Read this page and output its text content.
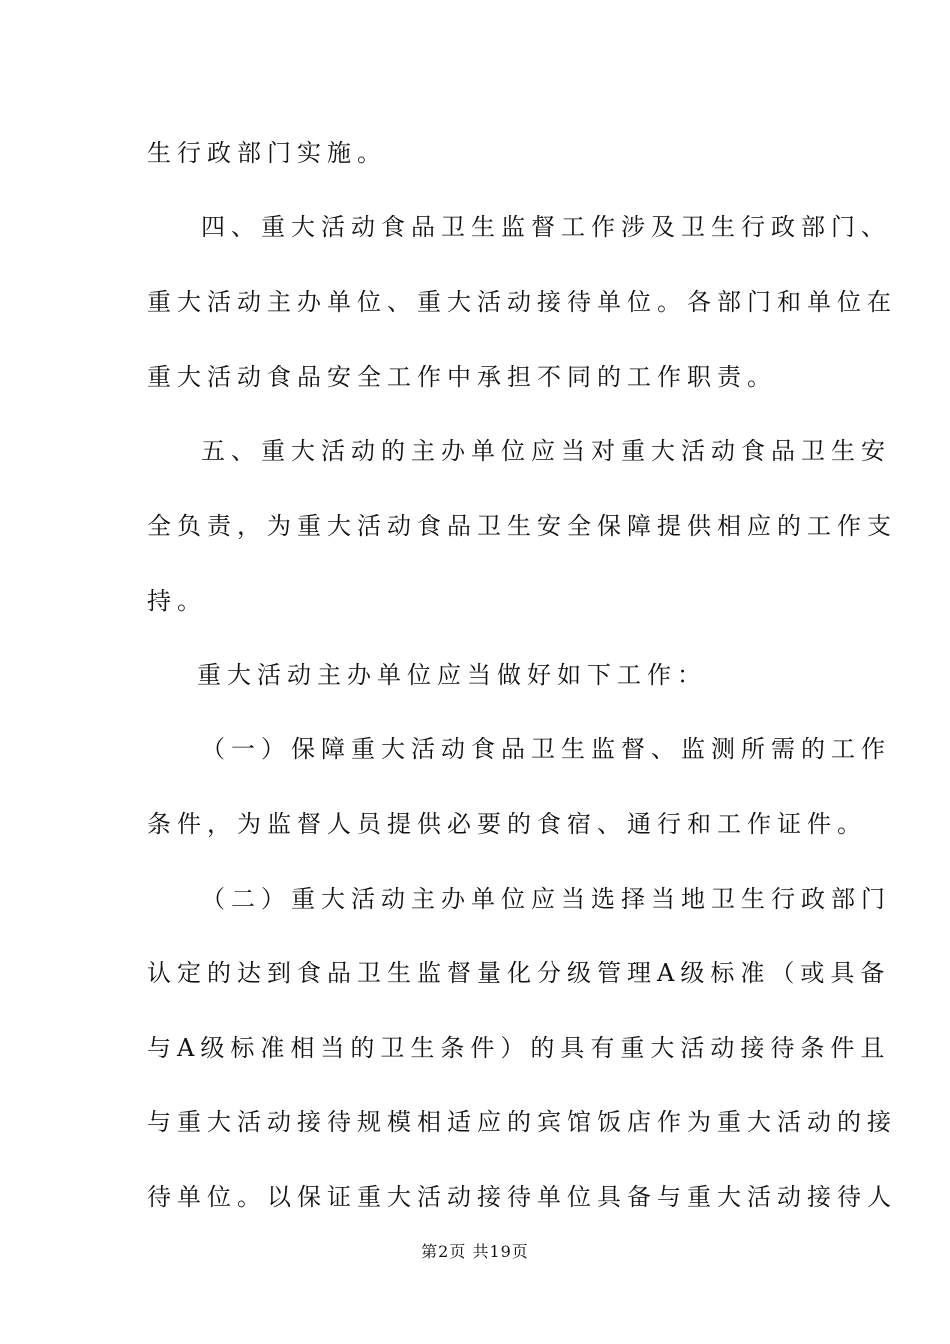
生行政部门实施。
四、重大活动食品卫生监督工作涉及卫生行政部门、
重大活动主办单位、重大活动接待单位。各部门和单位在
重大活动食品安全工作中承担不同的工作职责。
五、重大活动的主办单位应当对重大活动食品卫生安
全负责，为重大活动食品卫生安全保障提供相应的工作支
持。
重大活动主办单位应当做好如下工作：
（一）保障重大活动食品卫生监督、监测所需的工作
条件，为监督人员提供必要的食宿、通行和工作证件。
（二）重大活动主办单位应当选择当地卫生行政部门
认定的达到食品卫生监督量化分级管理A级标准（或具备
与A级标准相当的卫生条件）的具有重大活动接待条件且
与重大活动接待规模相适应的宾馆饭店作为重大活动的接
待单位。以保证重大活动接待单位具备与重大活动接待人
第2页 共19页
